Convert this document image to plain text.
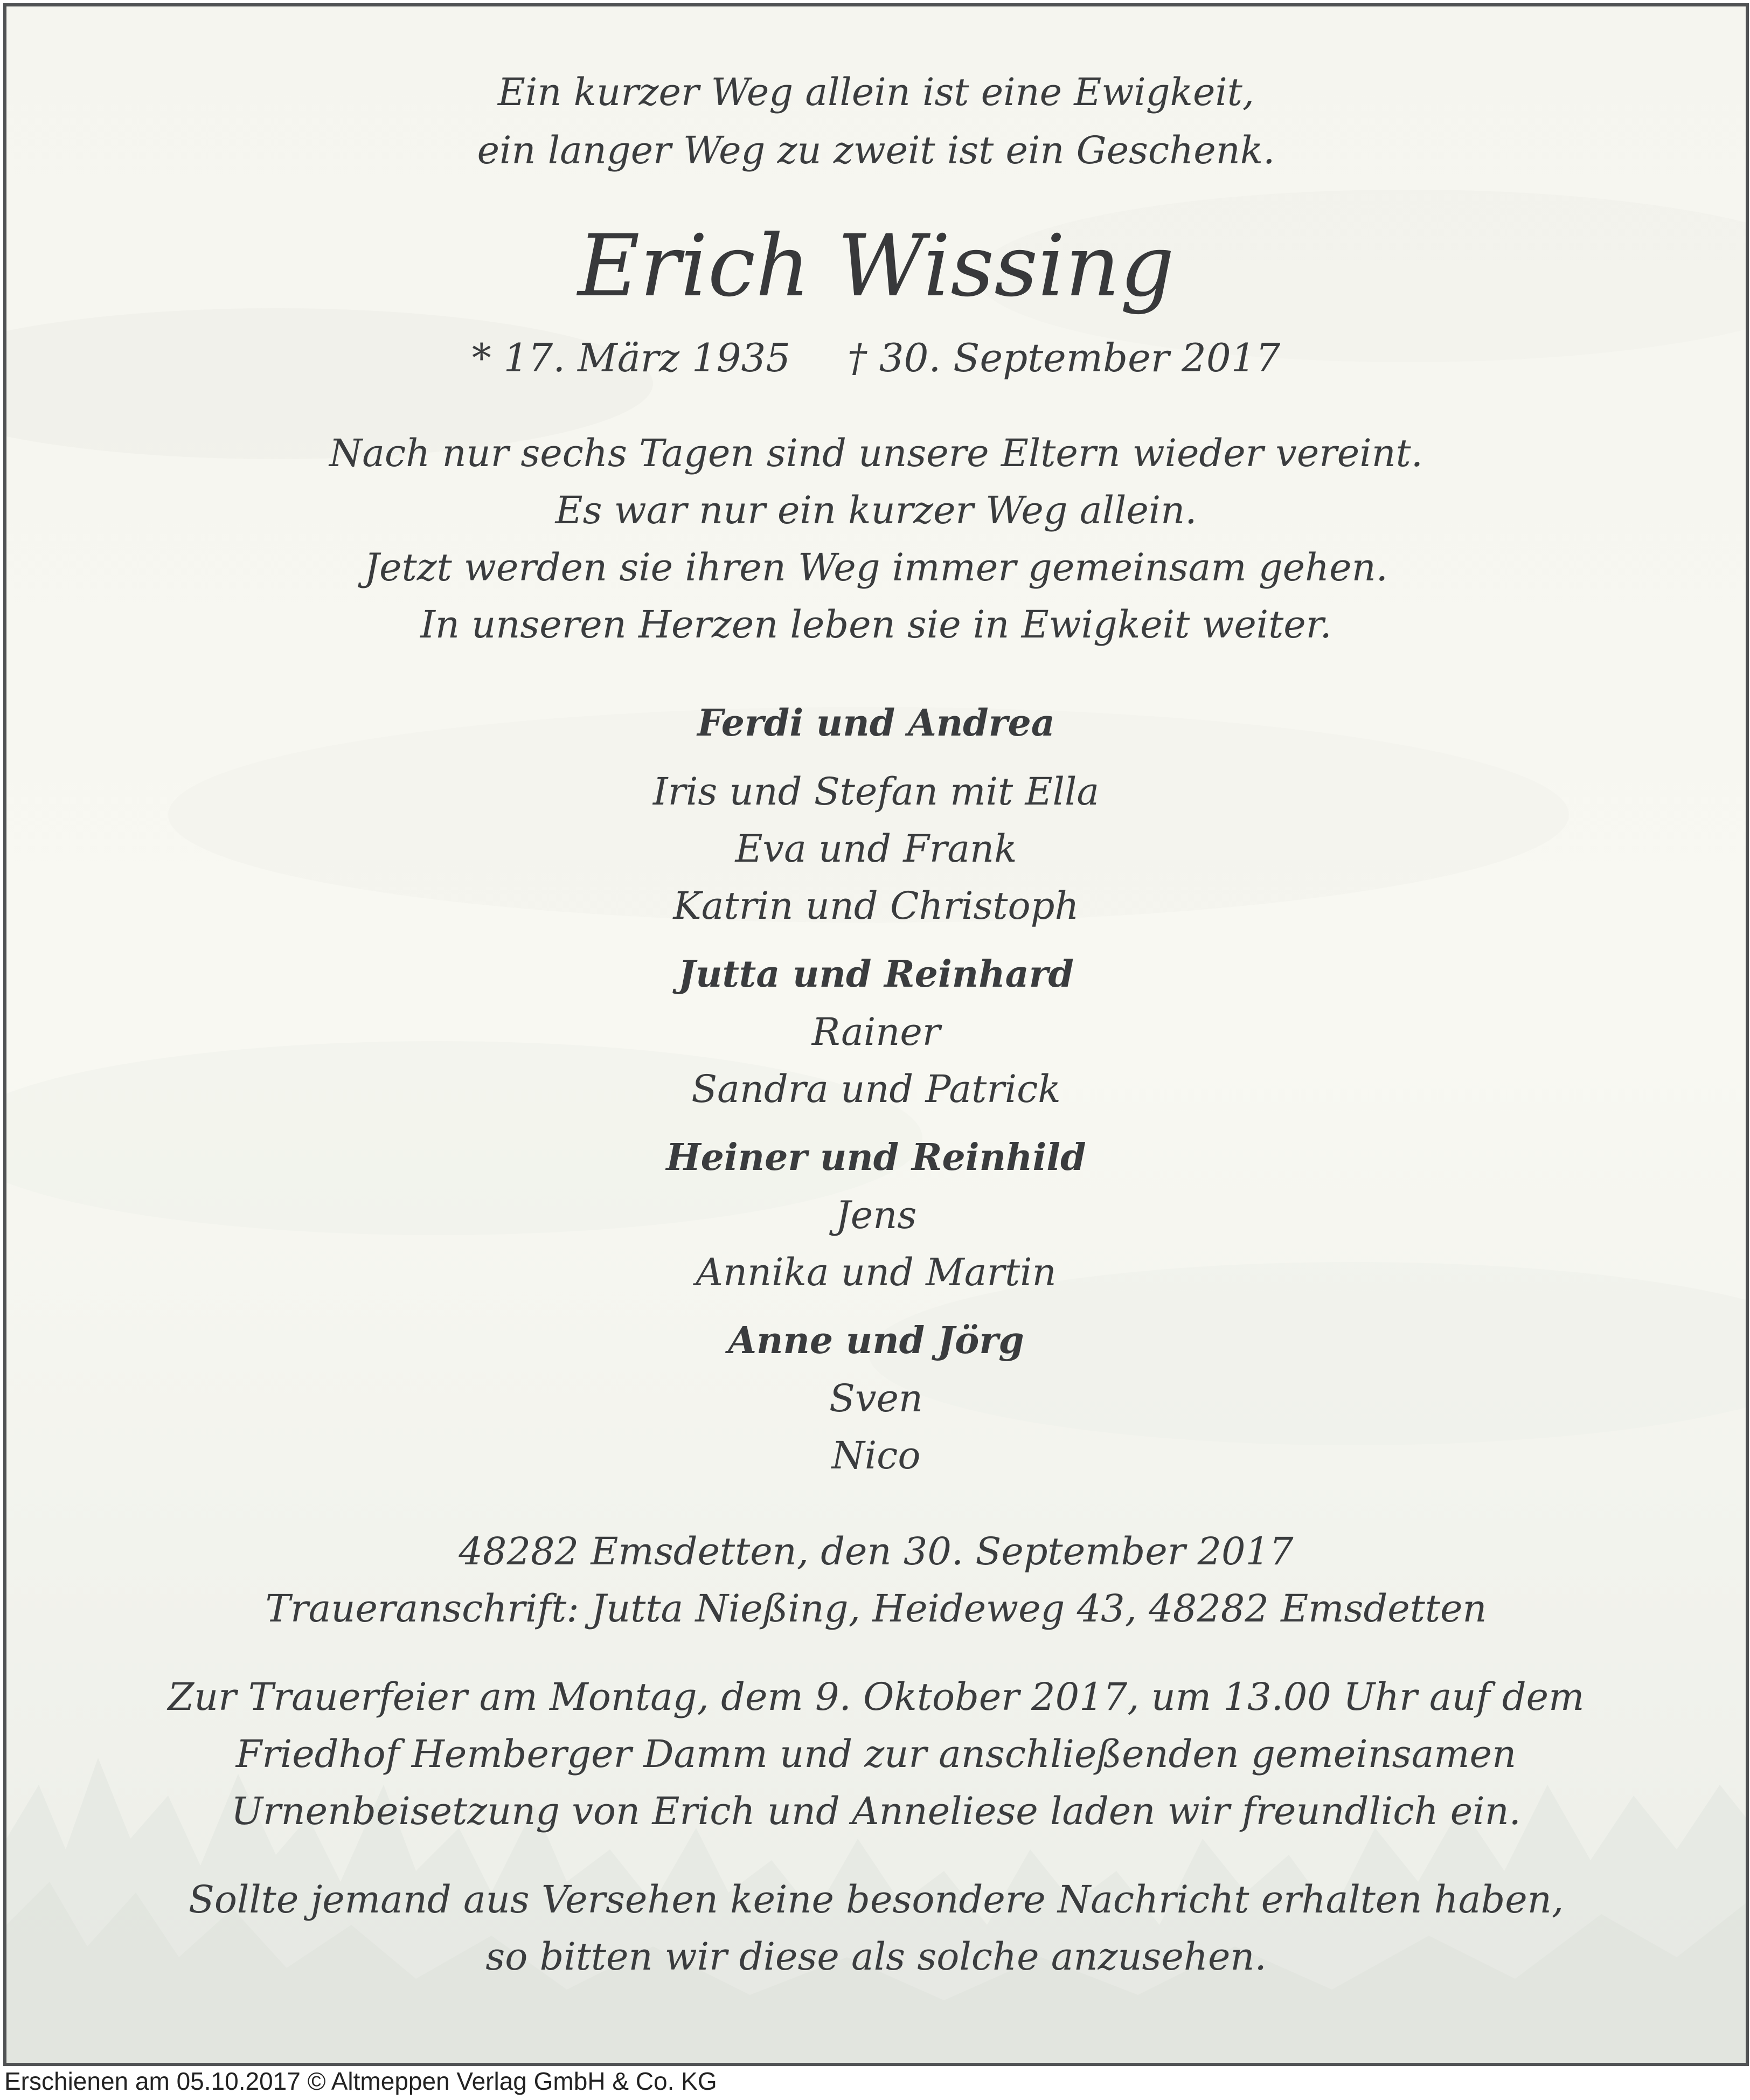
Ein kurzer Weg allein ist eine Ewigkeit,
ein langer Weg zu zweit ist ein Geschenk.
Erich Wissing
* 17. März 1935 † 30. September 2017
Nach nur sechs Tagen sind unsere Eltern wieder vereint.
Es war nur ein kurzer Weg allein.
Jetzt werden sie ihren Weg immer gemeinsam gehen.
In unseren Herzen leben sie in Ewigkeit weiter.
Ferdi und Andrea
Iris und Stefan mit Ella
Eva und Frank
Katrin und Christoph
Jutta und Reinhard
Rainer
Sandra und Patrick
Heiner und Reinhild
Jens
Annika und Martin
Anne und Jörg
Sven
Nico
48282 Emsdetten, den 30. September 2017
Traueranschrift: Jutta Nießing, Heideweg 43, 48282 Emsdetten
Zur Trauerfeier am Montag, dem 9. Oktober 2017, um 13.00 Uhr auf dem
Friedhof Hemberger Damm und zur anschließenden gemeinsamen
Urnenbeisetzung von Erich und Anneliese laden wir freundlich ein.
Sollte jemand aus Versehen keine besondere Nachricht erhalten haben,
so bitten wir diese als solche anzusehen.
Erschienen am 05.10.2017 © Altmeppen Verlag GmbH & Co. KG
